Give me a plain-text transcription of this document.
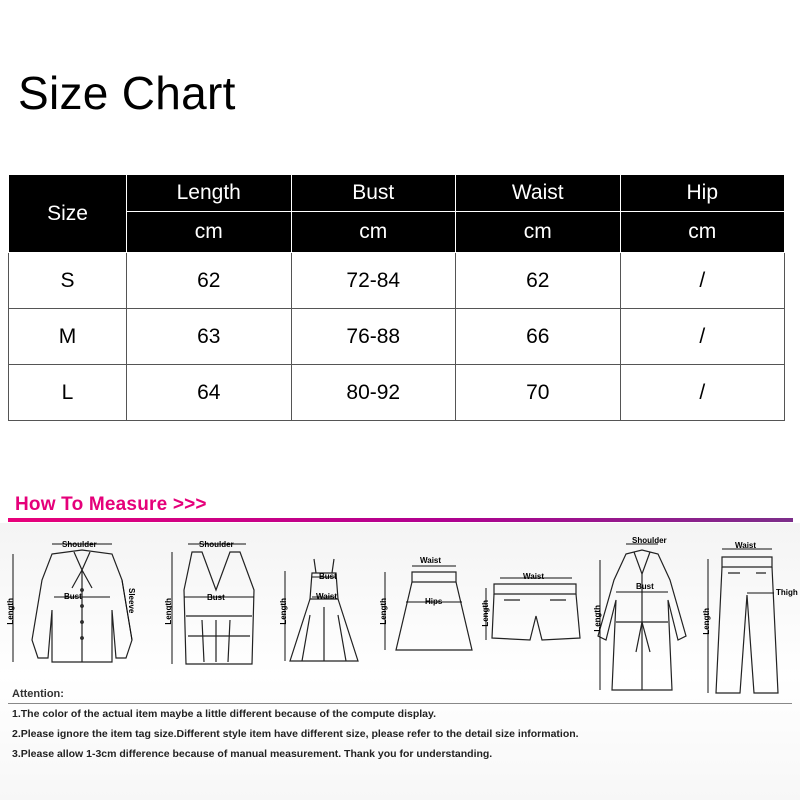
Size Chart
Size	Length	Bust	Waist	Hip
	cm	cm	cm	cm
S	62	72-84	62	/
M	63	76-88	66	/
L	64	80-92	70	/
How To Measure >>>
Shoulder
Bust
Length	Sleeve
Shoulder
Bust
Length
Bust
Waist
Length
Waist
Hips
Length
Waist
Length
Shoulder
Bust
Length
Waist
Thigh
Length
Attention:
1.The color of the actual item maybe a little different because of the compute display.
2.Please ignore the item tag size.Different style item have different size, please refer to the detail size information.
3.Please allow 1-3cm difference because of manual measurement. Thank you for understanding.
